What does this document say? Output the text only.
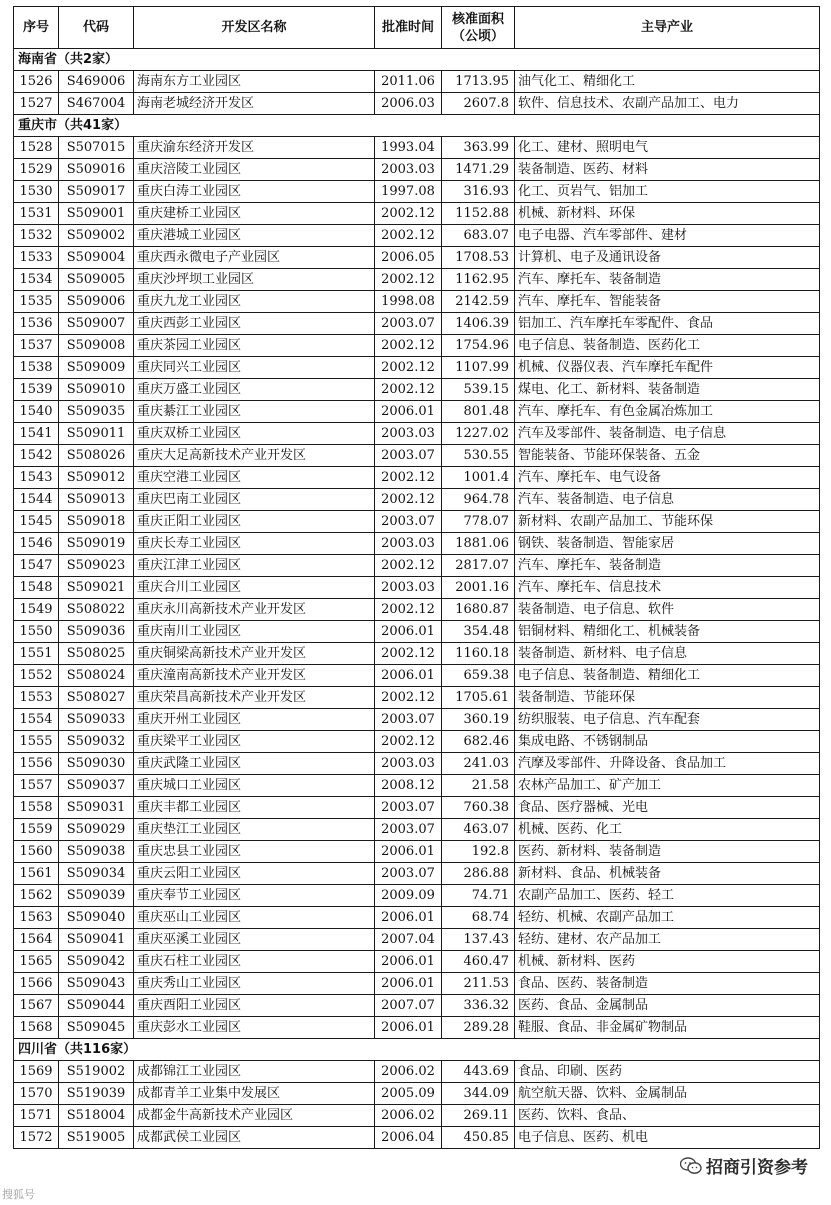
序号	代码	开发区名称	批准时间	核准面积（公顷）	主导产业
海南省（共2家）					
1526	S469006	海南东方工业园区	2011.06	1713.95	油气化工、精细化工
1527	S467004	海南老城经济开发区	2006.03	2607.8	软件、信息技术、农副产品加工、电力
重庆市（共41家）					
1528	S507015	重庆渝东经济开发区	1993.04	363.99	化工、建材、照明电气
1529	S509016	重庆涪陵工业园区	2003.03	1471.29	装备制造、医药、材料
1530	S509017	重庆白涛工业园区	1997.08	316.93	化工、页岩气、铝加工
1531	S509001	重庆建桥工业园区	2002.12	1152.88	机械、新材料、环保
1532	S509002	重庆港城工业园区	2002.12	683.07	电子电器、汽车零部件、建材
1533	S509004	重庆西永微电子产业园区	2006.05	1708.53	计算机、电子及通讯设备
1534	S509005	重庆沙坪坝工业园区	2002.12	1162.95	汽车、摩托车、装备制造
1535	S509006	重庆九龙工业园区	1998.08	2142.59	汽车、摩托车、智能装备
1536	S509007	重庆西彭工业园区	2003.07	1406.39	铝加工、汽车摩托车零配件、食品
1537	S509008	重庆茶园工业园区	2002.12	1754.96	电子信息、装备制造、医药化工
1538	S509009	重庆同兴工业园区	2002.12	1107.99	机械、仪器仪表、汽车摩托车配件
1539	S509010	重庆万盛工业园区	2002.12	539.15	煤电、化工、新材料、装备制造
1540	S509035	重庆綦江工业园区	2006.01	801.48	汽车、摩托车、有色金属冶炼加工
1541	S509011	重庆双桥工业园区	2003.03	1227.02	汽车及零部件、装备制造、电子信息
1542	S508026	重庆大足高新技术产业开发区	2003.07	530.55	智能装备、节能环保装备、五金
1543	S509012	重庆空港工业园区	2002.12	1001.4	汽车、摩托车、电气设备
1544	S509013	重庆巴南工业园区	2002.12	964.78	汽车、装备制造、电子信息
1545	S509018	重庆正阳工业园区	2003.07	778.07	新材料、农副产品加工、节能环保
1546	S509019	重庆长寿工业园区	2003.03	1881.06	钢铁、装备制造、智能家居
1547	S509023	重庆江津工业园区	2002.12	2817.07	汽车、摩托车、装备制造
1548	S509021	重庆合川工业园区	2003.03	2001.16	汽车、摩托车、信息技术
1549	S508022	重庆永川高新技术产业开发区	2002.12	1680.87	装备制造、电子信息、软件
1550	S509036	重庆南川工业园区	2006.01	354.48	铝铜材料、精细化工、机械装备
1551	S508025	重庆铜梁高新技术产业开发区	2002.12	1160.18	装备制造、新材料、电子信息
1552	S508024	重庆潼南高新技术产业开发区	2006.01	659.38	电子信息、装备制造、精细化工
1553	S508027	重庆荣昌高新技术产业开发区	2002.12	1705.61	装备制造、节能环保
1554	S509033	重庆开州工业园区	2003.07	360.19	纺织服装、电子信息、汽车配套
1555	S509032	重庆梁平工业园区	2002.12	682.46	集成电路、不锈钢制品
1556	S509030	重庆武隆工业园区	2003.03	241.03	汽摩及零部件、升降设备、食品加工
1557	S509037	重庆城口工业园区	2008.12	21.58	农林产品加工、矿产加工
1558	S509031	重庆丰都工业园区	2003.07	760.38	食品、医疗器械、光电
1559	S509029	重庆垫江工业园区	2003.07	463.07	机械、医药、化工
1560	S509038	重庆忠县工业园区	2006.01	192.8	医药、新材料、装备制造
1561	S509034	重庆云阳工业园区	2003.07	286.88	新材料、食品、机械装备
1562	S509039	重庆奉节工业园区	2009.09	74.71	农副产品加工、医药、轻工
1563	S509040	重庆巫山工业园区	2006.01	68.74	轻纺、机械、农副产品加工
1564	S509041	重庆巫溪工业园区	2007.04	137.43	轻纺、建材、农产品加工
1565	S509042	重庆石柱工业园区	2006.01	460.47	机械、新材料、医药
1566	S509043	重庆秀山工业园区	2006.01	211.53	食品、医药、装备制造
1567	S509044	重庆酉阳工业园区	2007.07	336.32	医药、食品、金属制品
1568	S509045	重庆彭水工业园区	2006.01	289.28	鞋服、食品、非金属矿物制品
四川省（共116家）					
1569	S519002	成都锦江工业园区	2006.02	443.69	食品、印刷、医药
1570	S519039	成都青羊工业集中发展区	2005.09	344.09	航空航天器、饮料、金属制品
1571	S518004	成都金牛高新技术产业园区	2006.02	269.11	医药、饮料、食品、
1572	S519005	成都武侯工业园区	2006.04	450.85	电子信息、医药、机电
搜狐号
招商引资参考
